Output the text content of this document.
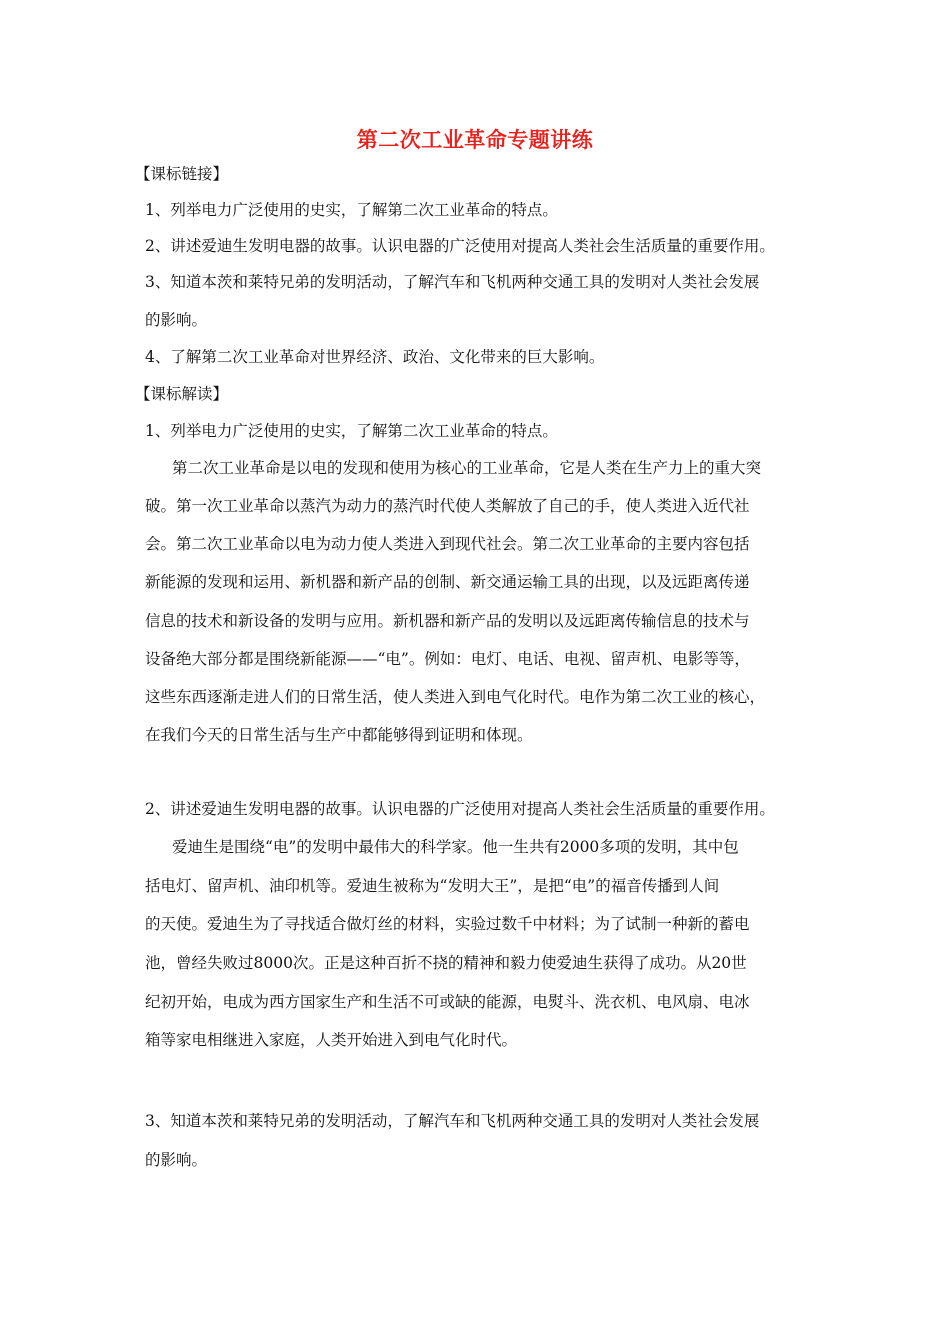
第二次工业革命专题讲练
【课标链接】
1、列举电力广泛使用的史实，了解第二次工业革命的特点。
2、讲述爱迪生发明电器的故事。认识电器的广泛使用对提高人类社会生活质量的重要作用。
3、知道本茨和莱特兄弟的发明活动，了解汽车和飞机两种交通工具的发明对人类社会发展
的影响。
4、了解第二次工业革命对世界经济、政治、文化带来的巨大影响。
【课标解读】
1、列举电力广泛使用的史实，了解第二次工业革命的特点。
第二次工业革命是以电的发现和使用为核心的工业革命，它是人类在生产力上的重大突
破。第一次工业革命以蒸汽为动力的蒸汽时代使人类解放了自己的手，使人类进入近代社
会。第二次工业革命以电为动力使人类进入到现代社会。第二次工业革命的主要内容包括
新能源的发现和运用、新机器和新产品的创制、新交通运输工具的出现，以及远距离传递
信息的技术和新设备的发明与应用。新机器和新产品的发明以及远距离传输信息的技术与
设备绝大部分都是围绕新能源——“电”。例如：电灯、电话、电视、留声机、电影等等，
这些东西逐渐走进人们的日常生活，使人类进入到电气化时代。电作为第二次工业的核心，
在我们今天的日常生活与生产中都能够得到证明和体现。
2、讲述爱迪生发明电器的故事。认识电器的广泛使用对提高人类社会生活质量的重要作用。
爱迪生是围绕“电”的发明中最伟大的科学家。他一生共有2000多项的发明，其中包
括电灯、留声机、油印机等。爱迪生被称为“发明大王”，是把“电”的福音传播到人间
的天使。爱迪生为了寻找适合做灯丝的材料，实验过数千中材料；为了试制一种新的蓄电
池，曾经失败过8000次。正是这种百折不挠的精神和毅力使爱迪生获得了成功。从20世
纪初开始，电成为西方国家生产和生活不可或缺的能源，电熨斗、洗衣机、电风扇、电冰
箱等家电相继进入家庭，人类开始进入到电气化时代。
3、知道本茨和莱特兄弟的发明活动，了解汽车和飞机两种交通工具的发明对人类社会发展
的影响。
